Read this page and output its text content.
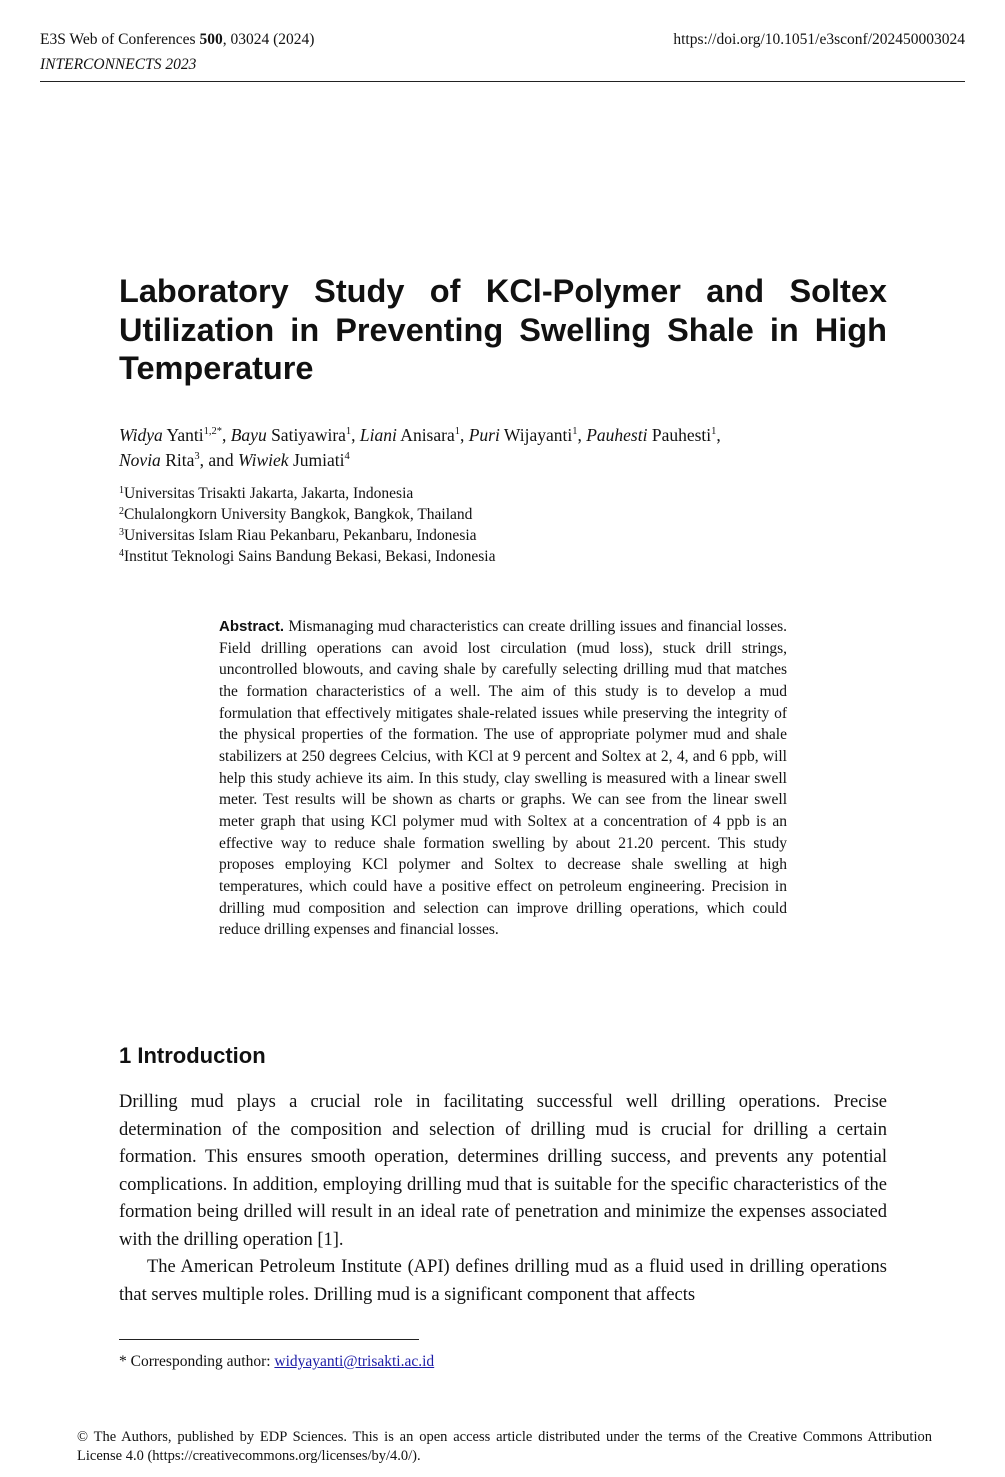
E3S Web of Conferences 500, 03024 (2024)	https://doi.org/10.1051/e3sconf/202450003024
INTERCONNECTS 2023
Laboratory Study of KCl-Polymer and Soltex Utilization in Preventing Swelling Shale in High Temperature
Widya Yanti$^{1,2*}$, Bayu Satiyawira$^1$, Liani Anisara$^1$, Puri Wijayanti$^1$, Pauhesti Pauhesti$^1$,
Novia Rita$^3$, and Wiwiek Jumiati$^4$
$^1$Universitas Trisakti Jakarta, Jakarta, Indonesia
$^2$Chulalongkorn University Bangkok, Bangkok, Thailand
$^3$Universitas Islam Riau Pekanbaru, Pekanbaru, Indonesia
$^4$Institut Teknologi Sains Bandung Bekasi, Bekasi, Indonesia
Abstract. Mismanaging mud characteristics can create drilling issues and financial losses. Field drilling operations can avoid lost circulation (mud loss), stuck drill strings, uncontrolled blowouts, and caving shale by carefully selecting drilling mud that matches the formation characteristics of a well. The aim of this study is to develop a mud formulation that effectively mitigates shale-related issues while preserving the integrity of the physical properties of the formation. The use of appropriate polymer mud and shale stabilizers at 250 degrees Celcius, with KCl at 9 percent and Soltex at 2, 4, and 6 ppb, will help this study achieve its aim. In this study, clay swelling is measured with a linear swell meter. Test results will be shown as charts or graphs. We can see from the linear swell meter graph that using KCl polymer mud with Soltex at a concentration of 4 ppb is an effective way to reduce shale formation swelling by about 21.20 percent. This study proposes employing KCl polymer and Soltex to decrease shale swelling at high temperatures, which could have a positive effect on petroleum engineering. Precision in drilling mud composition and selection can improve drilling operations, which could reduce drilling expenses and financial losses.
1 Introduction

Drilling mud plays a crucial role in facilitating successful well drilling operations. Precise determination of the composition and selection of drilling mud is crucial for drilling a certain formation. This ensures smooth operation, determines drilling success, and prevents any potential complications. In addition, employing drilling mud that is suitable for the specific characteristics of the formation being drilled will result in an ideal rate of penetration and minimize the expenses associated with the drilling operation [1].

The American Petroleum Institute (API) defines drilling mud as a fluid used in drilling operations that serves multiple roles. Drilling mud is a significant component that affects

* Corresponding author: widyayanti@trisakti.ac.id
© The Authors, published by EDP Sciences. This is an open access article distributed under the terms of the Creative Commons Attribution License 4.0 (https://creativecommons.org/licenses/by/4.0/).
